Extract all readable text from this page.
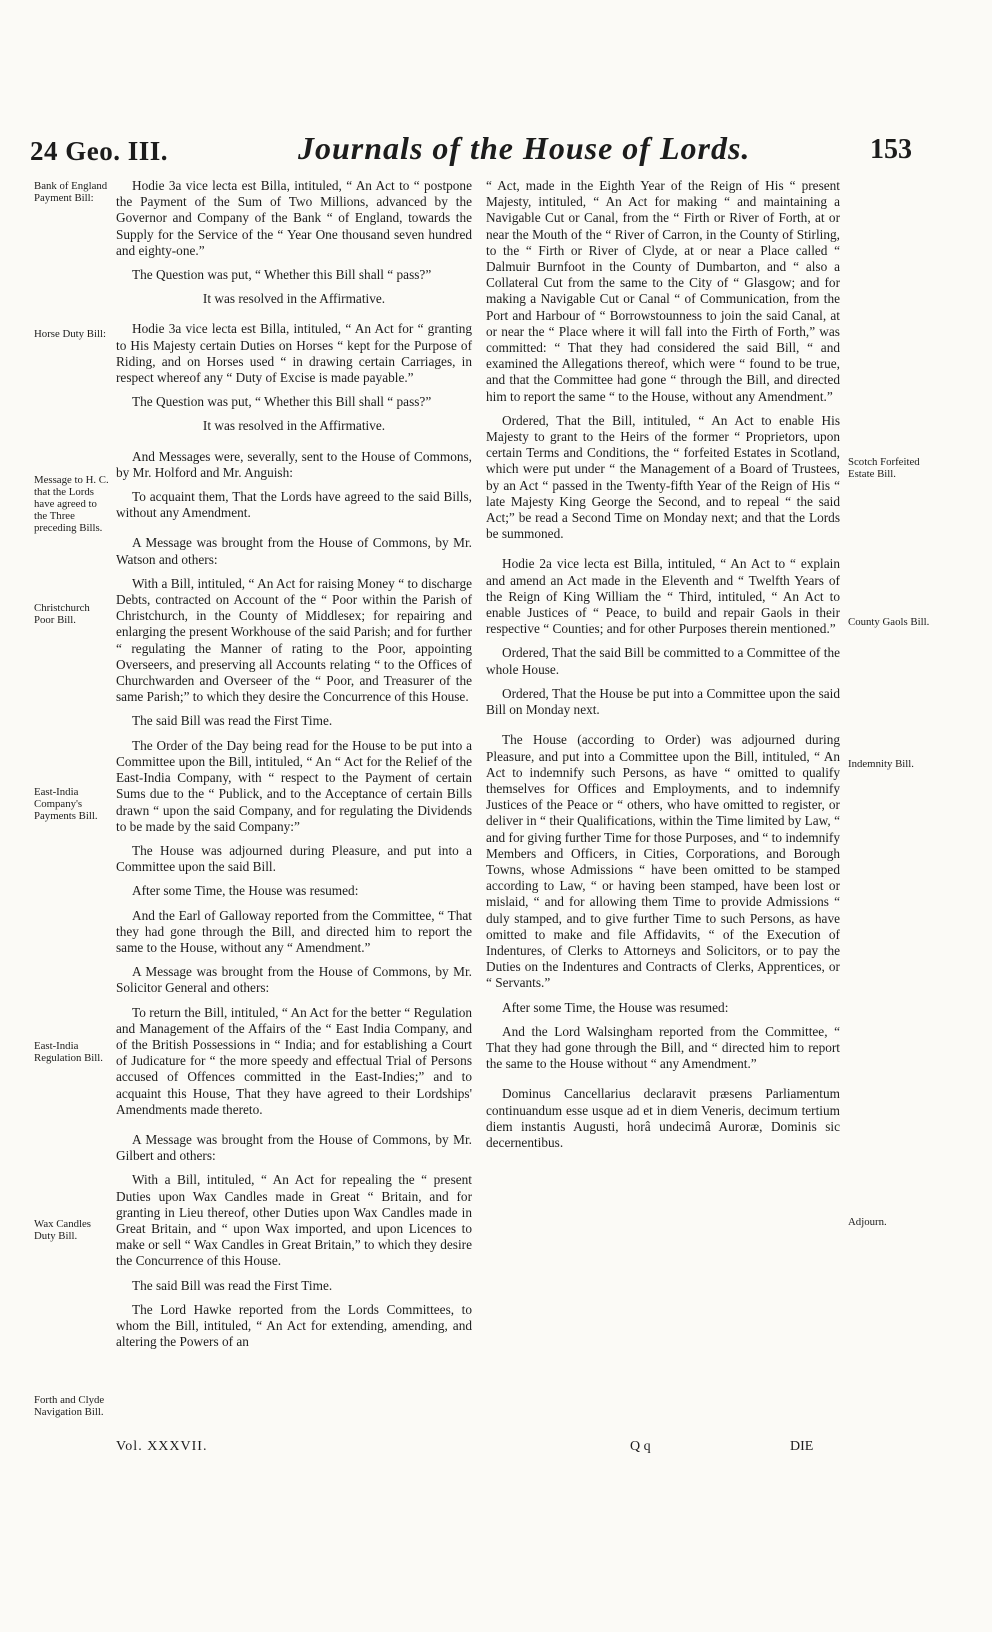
24 Geo. III.	Journals of the House of Lords.	153
Bank of England Payment Bill:
Horse Duty Bill:
Message to H. C. that the Lords have agreed to the Three preceding Bills.
Christchurch Poor Bill.
East-India Company's Payments Bill.
East-India Regulation Bill.
Wax Candles Duty Bill.
Forth and Clyde Navigation Bill.
Scotch Forfeited Estate Bill.
County Gaols Bill.
Indemnity Bill.
Adjourn.

Hodie 3a vice lecta est Billa, intituled, “ An Act to “ postpone the Payment of the Sum of Two Millions, advanced by the Governor and Company of the Bank “ of England, towards the Supply for the Service of the “ Year One thousand seven hundred and eighty-one.”

The Question was put, “ Whether this Bill shall “ pass?”

It was resolved in the Affirmative.

Hodie 3a vice lecta est Billa, intituled, “ An Act for “ granting to His Majesty certain Duties on Horses “ kept for the Purpose of Riding, and on Horses used “ in drawing certain Carriages, in respect whereof any “ Duty of Excise is made payable.”

The Question was put, “ Whether this Bill shall “ pass?”

It was resolved in the Affirmative.

And Messages were, severally, sent to the House of Commons, by Mr. Holford and Mr. Anguish:

To acquaint them, That the Lords have agreed to the said Bills, without any Amendment.

A Message was brought from the House of Commons, by Mr. Watson and others:

With a Bill, intituled, “ An Act for raising Money “ to discharge Debts, contracted on Account of the “ Poor within the Parish of Christchurch, in the County of Middlesex; for repairing and enlarging the present Workhouse of the said Parish; and for further “ regulating the Manner of rating to the Poor, appointing Overseers, and preserving all Accounts relating “ to the Offices of Churchwarden and Overseer of the “ Poor, and Treasurer of the same Parish;” to which they desire the Concurrence of this House.

The said Bill was read the First Time.

The Order of the Day being read for the House to be put into a Committee upon the Bill, intituled, “ An “ Act for the Relief of the East-India Company, with “ respect to the Payment of certain Sums due to the “ Publick, and to the Acceptance of certain Bills drawn “ upon the said Company, and for regulating the Dividends to be made by the said Company:”

The House was adjourned during Pleasure, and put into a Committee upon the said Bill.

After some Time, the House was resumed:

And the Earl of Galloway reported from the Committee, “ That they had gone through the Bill, and directed him to report the same to the House, without any “ Amendment.”

A Message was brought from the House of Commons, by Mr. Solicitor General and others:

To return the Bill, intituled, “ An Act for the better “ Regulation and Management of the Affairs of the “ East India Company, and of the British Possessions in “ India; and for establishing a Court of Judicature for “ the more speedy and effectual Trial of Persons accused of Offences committed in the East-Indies;” and to acquaint this House, That they have agreed to their Lordships' Amendments made thereto.

A Message was brought from the House of Commons, by Mr. Gilbert and others:

With a Bill, intituled, “ An Act for repealing the “ present Duties upon Wax Candles made in Great “ Britain, and for granting in Lieu thereof, other Duties upon Wax Candles made in Great Britain, and “ upon Wax imported, and upon Licences to make or sell “ Wax Candles in Great Britain,” to which they desire the Concurrence of this House.

The said Bill was read the First Time.

The Lord Hawke reported from the Lords Committees, to whom the Bill, intituled, “ An Act for extending, amending, and altering the Powers of an

“ Act, made in the Eighth Year of the Reign of His “ present Majesty, intituled, “ An Act for making “ and maintaining a Navigable Cut or Canal, from the “ Firth or River of Forth, at or near the Mouth of the “ River of Carron, in the County of Stirling, to the “ Firth or River of Clyde, at or near a Place called “ Dalmuir Burnfoot in the County of Dumbarton, and “ also a Collateral Cut from the same to the City of “ Glasgow; and for making a Navigable Cut or Canal “ of Communication, from the Port and Harbour of “ Borrowstounness to join the said Canal, at or near the “ Place where it will fall into the Firth of Forth,” was committed: “ That they had considered the said Bill, “ and examined the Allegations thereof, which were “ found to be true, and that the Committee had gone “ through the Bill, and directed him to report the same “ to the House, without any Amendment.”

Ordered, That the Bill, intituled, “ An Act to enable His Majesty to grant to the Heirs of the former “ Proprietors, upon certain Terms and Conditions, the “ forfeited Estates in Scotland, which were put under “ the Management of a Board of Trustees, by an Act “ passed in the Twenty-fifth Year of the Reign of His “ late Majesty King George the Second, and to repeal “ the said Act;” be read a Second Time on Monday next; and that the Lords be summoned.

Hodie 2a vice lecta est Billa, intituled, “ An Act to “ explain and amend an Act made in the Eleventh and “ Twelfth Years of the Reign of King William the “ Third, intituled, “ An Act to enable Justices of “ Peace, to build and repair Gaols in their respective “ Counties; and for other Purposes therein mentioned.”

Ordered, That the said Bill be committed to a Committee of the whole House.

Ordered, That the House be put into a Committee upon the said Bill on Monday next.

The House (according to Order) was adjourned during Pleasure, and put into a Committee upon the Bill, intituled, “ An Act to indemnify such Persons, as have “ omitted to qualify themselves for Offices and Employments, and to indemnify Justices of the Peace or “ others, who have omitted to register, or deliver in “ their Qualifications, within the Time limited by Law, “ and for giving further Time for those Purposes, and “ to indemnify Members and Officers, in Cities, Corporations, and Borough Towns, whose Admissions “ have been omitted to be stamped according to Law, “ or having been stamped, have been lost or mislaid, “ and for allowing them Time to provide Admissions “ duly stamped, and to give further Time to such Persons, as have omitted to make and file Affidavits, “ of the Execution of Indentures, of Clerks to Attorneys and Solicitors, or to pay the Duties on the Indentures and Contracts of Clerks, Apprentices, or “ Servants.”

After some Time, the House was resumed:

And the Lord Walsingham reported from the Committee, “ That they had gone through the Bill, and “ directed him to report the same to the House without “ any Amendment.”

Dominus Cancellarius declaravit præsens Parliamentum continuandum esse usque ad et in diem Veneris, decimum tertium diem instantis Augusti, horâ undecimâ Auroræ, Dominis sic decernentibus.

Vol. XXXVII.	Q q	DIE
